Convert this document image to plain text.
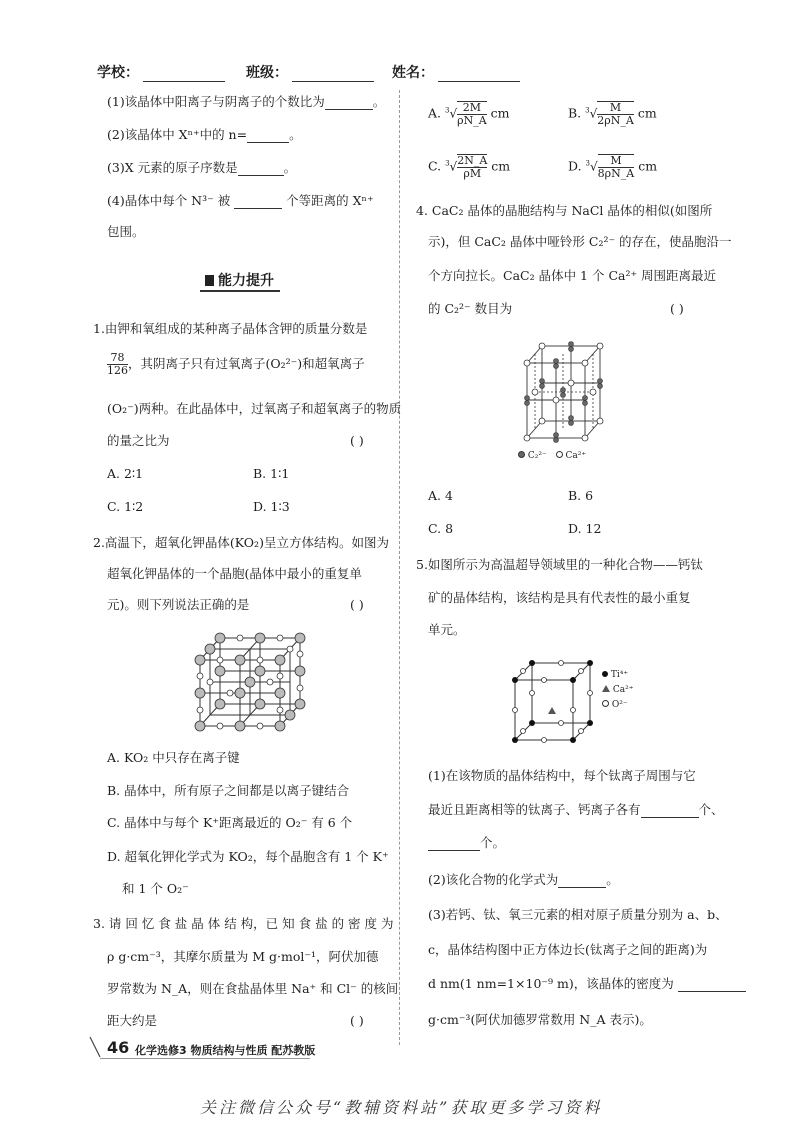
学校：	班级：	姓名：
(1)该晶体中阳离子与阴离子的个数比为	。
(2)该晶体中 Xⁿ⁺中的 n=	。
(3)X 元素的原子序数是	。
(4)晶体中每个 N³⁻ 被	个等距离的 Xⁿ⁺
包围。
能力提升
1.由钾和氧组成的某种离子晶体含钾的质量分数是
$\frac{78}{126}$ ，其阴离子只有过氧离子(O₂²⁻)和超氧离子
(O₂⁻)两种。在此晶体中，过氧离子和超氧离子的物质
的量之比为	( )
A. 2∶1	B. 1∶1
C. 1∶2	D. 1∶3
2.高温下，超氧化钾晶体(KO₂)呈立方体结构。如图为
超氧化钾晶体的一个晶胞(晶体中最小的重复单
元)。则下列说法正确的是	( )
A. KO₂ 中只存在离子键
B. 晶体中，所有原子之间都是以离子键结合
C. 晶体中与每个 K⁺距离最近的 O₂⁻ 有 6 个
D. 超氧化钾化学式为 KO₂，每个晶胞含有 1 个 K⁺
和 1 个 O₂⁻
3. 请 回 忆 食 盐 晶 体 结 构，已 知 食 盐 的 密 度 为
ρ g·cm⁻³，其摩尔质量为 M g·mol⁻¹，阿伏加德
罗常数为 N_A，则在食盐晶体里 Na⁺ 和 Cl⁻ 的核间
距大约是	( )
A. $^3√ \frac{2M}{\rho N\_A}$ cm	B. $^3√ \frac{M}{2\rho N\_A}$ cm
C. $^3√ \frac{2N\_A}{\rho M}$ cm	D. $^3√ \frac{M}{8\rho N\_A}$ cm
4. CaC₂ 晶体的晶胞结构与 NaCl 晶体的相似(如图所
示)，但 CaC₂ 晶体中哑铃形 C₂²⁻ 的存在，使晶胞沿一
个方向拉长。CaC₂ 晶体中 1 个 Ca²⁺ 周围距离最近
的 C₂²⁻ 数目为	( )
C₂²⁻ Ca²⁺
A. 4	B. 6
C. 8	D. 12
5.如图所示为高温超导领域里的一种化合物——钙钛
矿的晶体结构，该结构是具有代表性的最小重复
单元。
Ti⁴⁺
Ca²⁺
O²⁻
(1)在该物质的晶体结构中，每个钛离子周围与它
最近且距离相等的钛离子、钙离子各有	个、
个。
(2)该化合物的化学式为	。
(3)若钙、钛、氧三元素的相对原子质量分别为 a、b、
c，晶体结构图中正方体边长(钛离子之间的距离)为
d nm(1 nm=1×10⁻⁹ m)，该晶体的密度为
g·cm⁻³(阿伏加德罗常数用 N_A 表示)。
46 化学选修3 物质结构与性质 配苏教版
关注微信公众号“教辅资料站”获取更多学习资料
